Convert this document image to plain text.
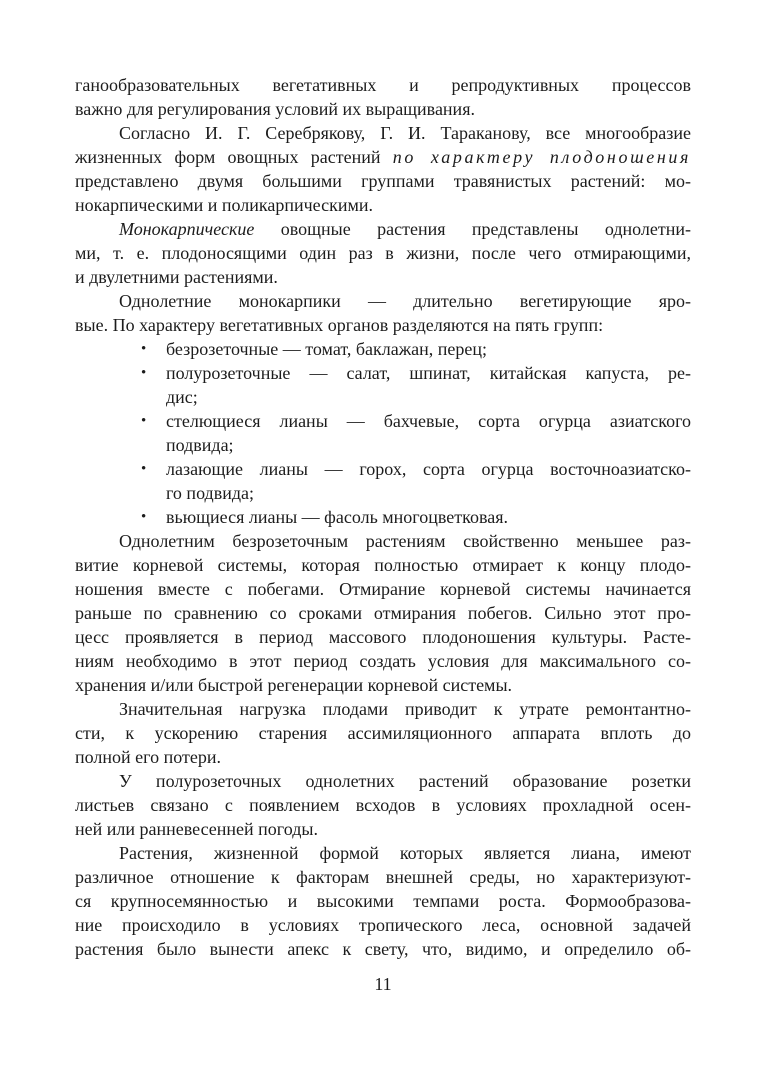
ганообразовательных вегетативных и репродуктивных процессов
важно для регулирования условий их выращивания.
Согласно И. Г. Серебрякову, Г. И. Тараканову, все многообразие
жизненных форм овощных растений по характеру плодоношения
представлено двумя большими группами травянистых растений: мо-
нокарпическими и поликарпическими.
Монокарпические овощные растения представлены однолетни-
ми, т. е. плодоносящими один раз в жизни, после чего отмирающими,
и двулетними растениями.
Однолетние монокарпики — длительно вегетирующие яро-
вые. По характеру вегетативных органов разделяются на пять групп:
• безрозеточные — томат, баклажан, перец;
• полурозеточные — салат, шпинат, китайская капуста, ре-
дис;
• стелющиеся лианы — бахчевые, сорта огурца азиатского
подвида;
• лазающие лианы — горох, сорта огурца восточноазиатско-
го подвида;
• вьющиеся лианы — фасоль многоцветковая.
Однолетним безрозеточным растениям свойственно меньшее раз-
витие корневой системы, которая полностью отмирает к концу плодо-
ношения вместе с побегами. Отмирание корневой системы начинается
раньше по сравнению со сроками отмирания побегов. Сильно этот про-
цесс проявляется в период массового плодоношения культуры. Расте-
ниям необходимо в этот период создать условия для максимального со-
хранения и/или быстрой регенерации корневой системы.
Значительная нагрузка плодами приводит к утрате ремонтантно-
сти, к ускорению старения ассимиляционного аппарата вплоть до
полной его потери.
У полурозеточных однолетних растений образование розетки
листьев связано с появлением всходов в условиях прохладной осен-
ней или ранневесенней погоды.
Растения, жизненной формой которых является лиана, имеют
различное отношение к факторам внешней среды, но характеризуют-
ся крупносемянностью и высокими темпами роста. Формообразова-
ние происходило в условиях тропического леса, основной задачей
растения было вынести апекс к свету, что, видимо, и определило об-
11
